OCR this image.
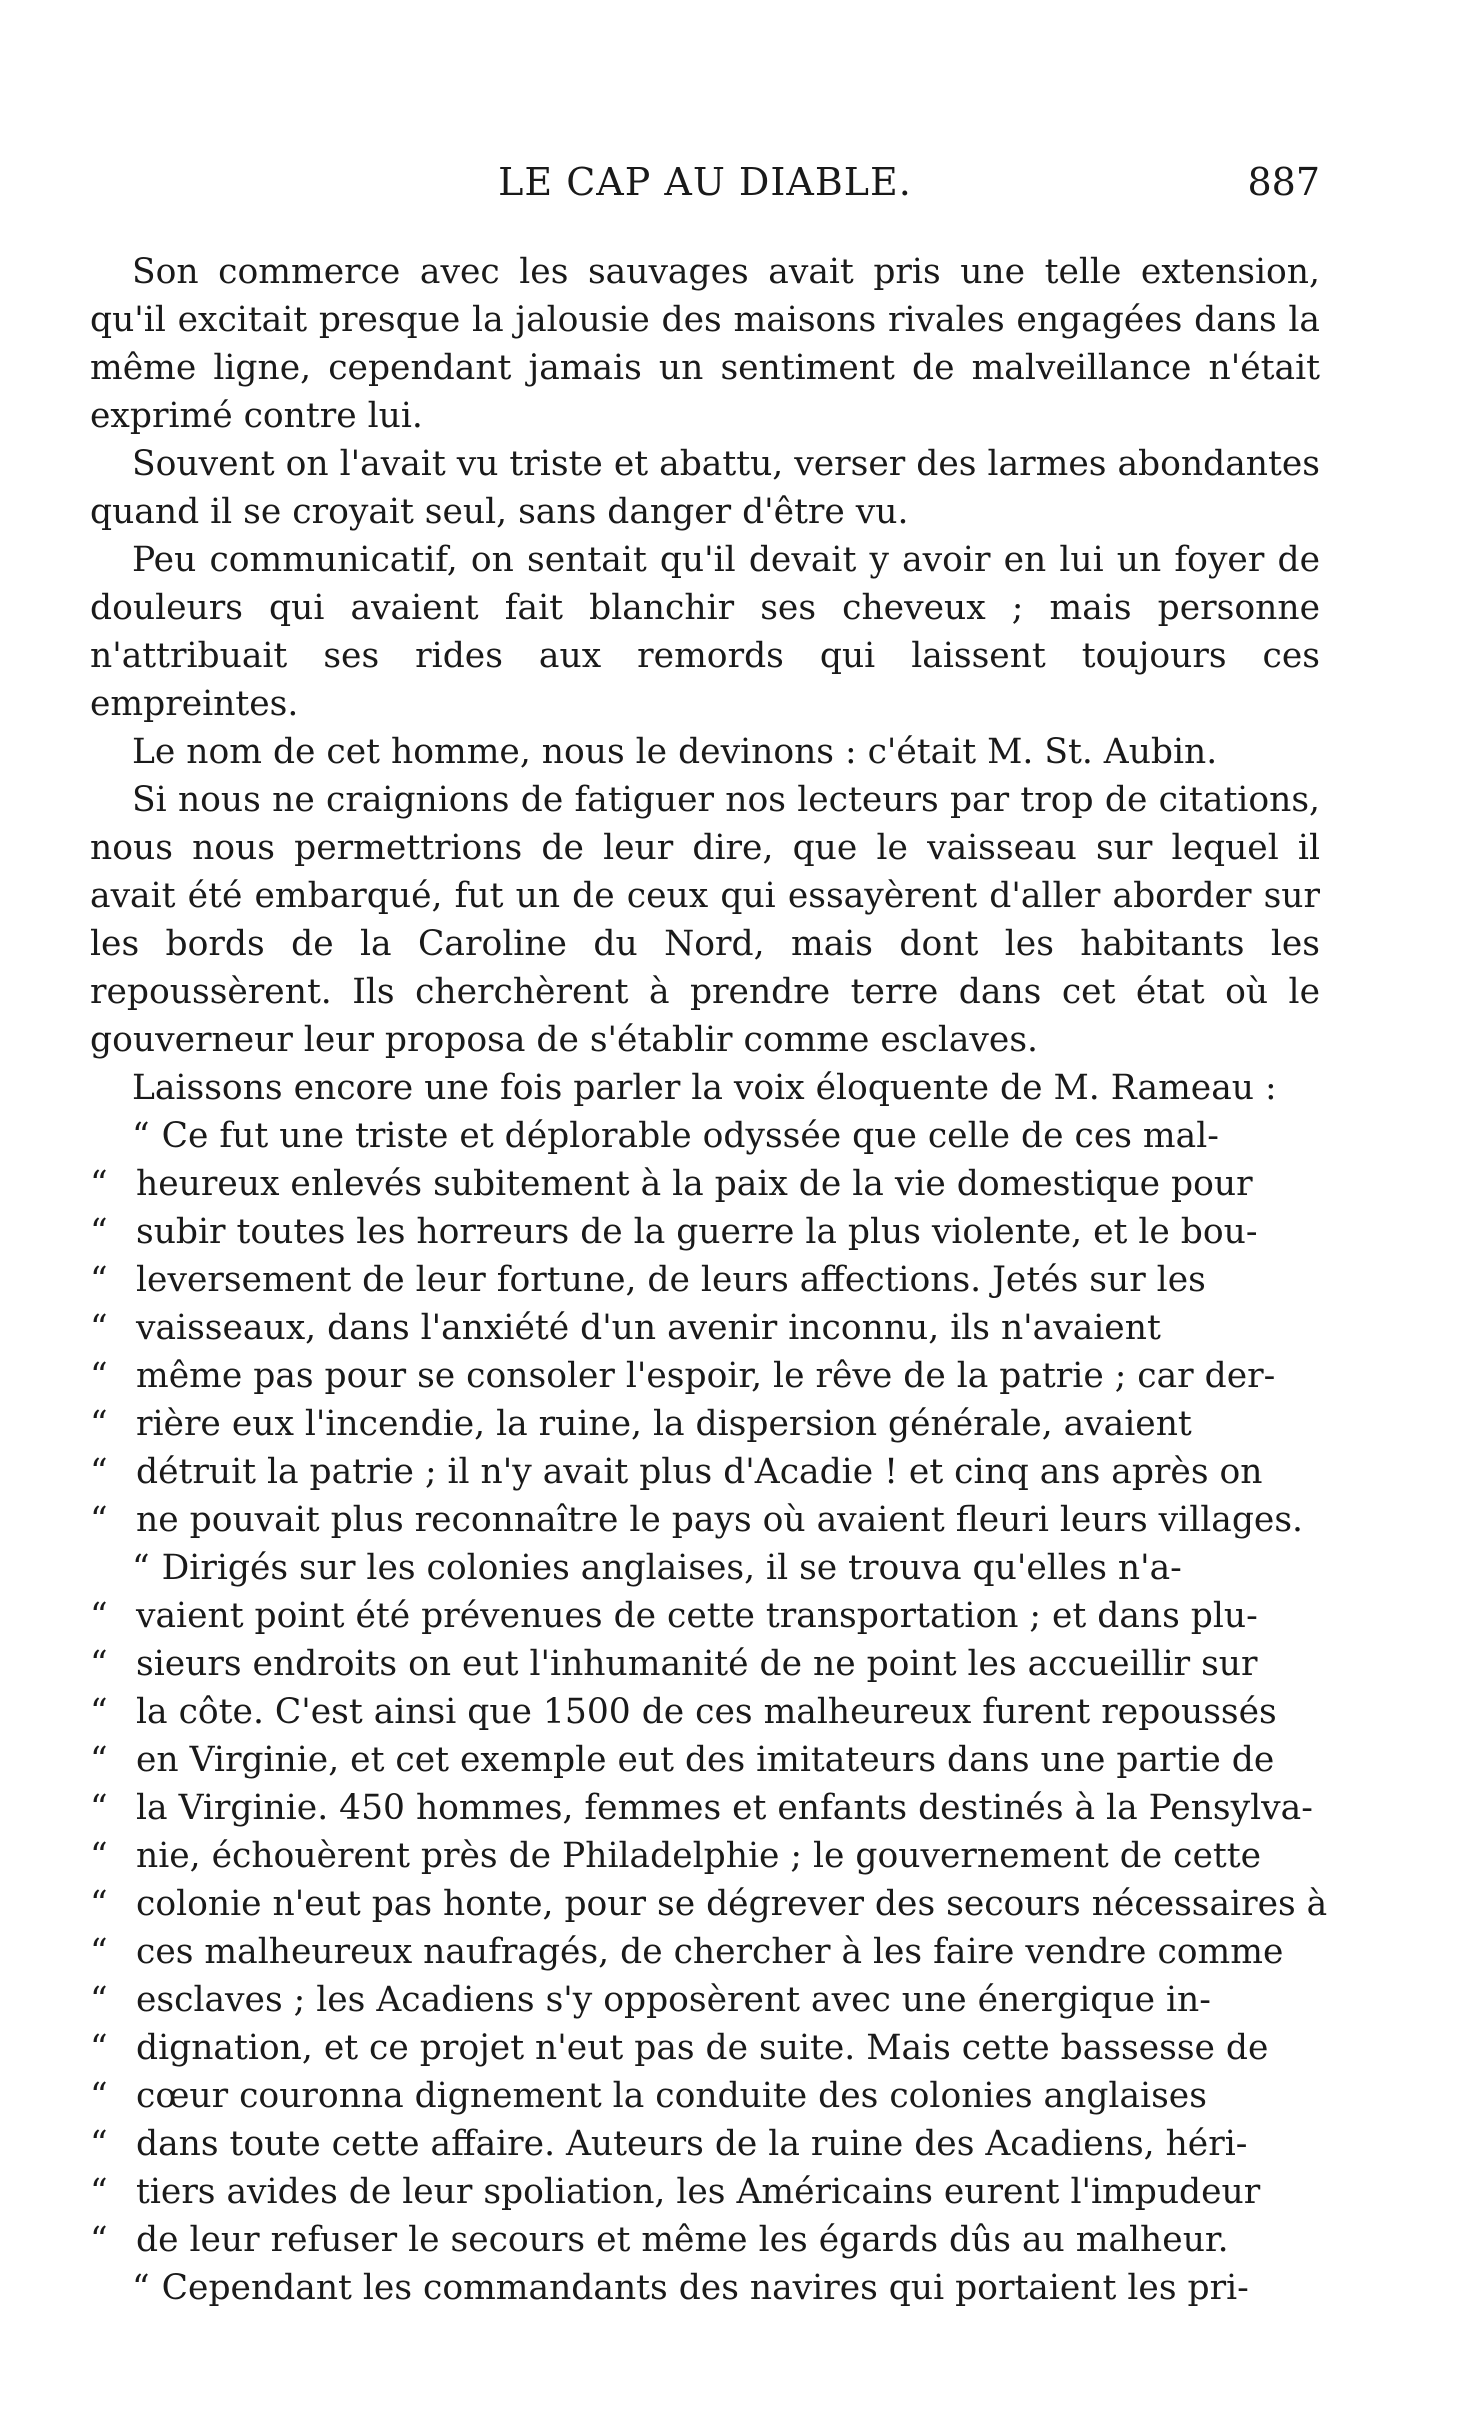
LE CAP AU DIABLE.	887

Son commerce avec les sauvages avait pris une telle extension, qu'il excitait presque la jalousie des maisons rivales engagées dans la même ligne, cependant jamais un sentiment de malveillance n'était exprimé contre lui.

Souvent on l'avait vu triste et abattu, verser des larmes abondantes quand il se croyait seul, sans danger d'être vu.

Peu communicatif, on sentait qu'il devait y avoir en lui un foyer de douleurs qui avaient fait blanchir ses cheveux ; mais personne n'attribuait ses rides aux remords qui laissent toujours ces empreintes.

Le nom de cet homme, nous le devinons : c'était M. St. Aubin.

Si nous ne craignions de fatiguer nos lecteurs par trop de citations, nous nous permettrions de leur dire, que le vaisseau sur lequel il avait été embarqué, fut un de ceux qui essayèrent d'aller aborder sur les bords de la Caroline du Nord, mais dont les habitants les repoussèrent. Ils cherchèrent à prendre terre dans cet état où le gouverneur leur proposa de s'établir comme esclaves.

Laissons encore une fois parler la voix éloquente de M. Rameau :

“ Ce fut une triste et déplorable odyssée que celle de ces mal-

“ heureux enlevés subitement à la paix de la vie domestique pour

“ subir toutes les horreurs de la guerre la plus violente, et le bou-

“ leversement de leur fortune, de leurs affections. Jetés sur les

“ vaisseaux, dans l'anxiété d'un avenir inconnu, ils n'avaient

“ même pas pour se consoler l'espoir, le rêve de la patrie ; car der-

“ rière eux l'incendie, la ruine, la dispersion générale, avaient

“ détruit la patrie ; il n'y avait plus d'Acadie ! et cinq ans après on

“ ne pouvait plus reconnaître le pays où avaient fleuri leurs villages.

“ Dirigés sur les colonies anglaises, il se trouva qu'elles n'a-

“ vaient point été prévenues de cette transportation ; et dans plu-

“ sieurs endroits on eut l'inhumanité de ne point les accueillir sur

“ la côte. C'est ainsi que 1500 de ces malheureux furent repoussés

“ en Virginie, et cet exemple eut des imitateurs dans une partie de

“ la Virginie. 450 hommes, femmes et enfants destinés à la Pensylva-

“ nie, échouèrent près de Philadelphie ; le gouvernement de cette

“ colonie n'eut pas honte, pour se dégrever des secours nécessaires à

“ ces malheureux naufragés, de chercher à les faire vendre comme

“ esclaves ; les Acadiens s'y opposèrent avec une énergique in-

“ dignation, et ce projet n'eut pas de suite. Mais cette bassesse de

“ cœur couronna dignement la conduite des colonies anglaises

“ dans toute cette affaire. Auteurs de la ruine des Acadiens, héri-

“ tiers avides de leur spoliation, les Américains eurent l'impudeur

“ de leur refuser le secours et même les égards dûs au malheur.

“ Cependant les commandants des navires qui portaient les pri-
